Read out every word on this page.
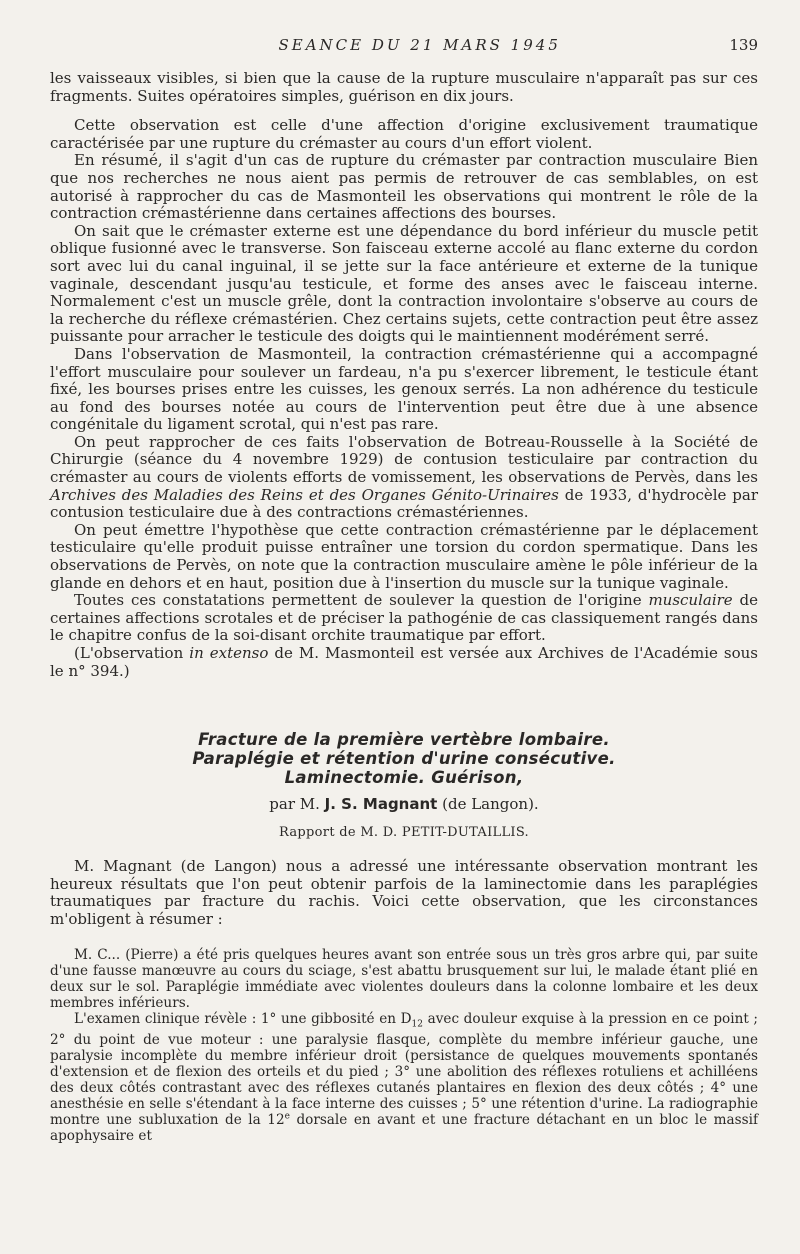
SEANCE DU 21 MARS 1945	139

les vaisseaux visibles, si bien que la cause de la rupture musculaire n'apparaît pas sur ces fragments. Suites opératoires simples, guérison en dix jours.

Cette observation est celle d'une affection d'origine exclusivement traumatique caractérisée par une rupture du crémaster au cours d'un effort violent.

En résumé, il s'agit d'un cas de rupture du crémaster par contraction musculaire Bien que nos recherches ne nous aient pas permis de retrouver de cas semblables, on est autorisé à rapprocher du cas de Masmonteil les observations qui montrent le rôle de la contraction crémastérienne dans certaines affections des bourses.

On sait que le crémaster externe est une dépendance du bord inférieur du muscle petit oblique fusionné avec le transverse. Son faisceau externe accolé au flanc externe du cordon sort avec lui du canal inguinal, il se jette sur la face antérieure et externe de la tunique vaginale, descendant jusqu'au testicule, et forme des anses avec le faisceau interne. Normalement c'est un muscle grêle, dont la contraction involontaire s'observe au cours de la recherche du réflexe crémastérien. Chez certains sujets, cette contraction peut être assez puissante pour arracher le testicule des doigts qui le maintiennent modérément serré.

Dans l'observation de Masmonteil, la contraction crémastérienne qui a accompagné l'effort musculaire pour soulever un fardeau, n'a pu s'exercer librement, le testicule étant fixé, les bourses prises entre les cuisses, les genoux serrés. La non adhérence du testicule au fond des bourses notée au cours de l'intervention peut être due à une absence congénitale du ligament scrotal, qui n'est pas rare.

On peut rapprocher de ces faits l'observation de Botreau-Rousselle à la Société de Chirurgie (séance du 4 novembre 1929) de contusion testiculaire par contraction du crémaster au cours de violents efforts de vomissement, les observations de Pervès, dans les Archives des Maladies des Reins et des Organes Génito-Urinaires de 1933, d'hydrocèle par contusion testiculaire due à des contractions crémastériennes.

On peut émettre l'hypothèse que cette contraction crémastérienne par le déplacement testiculaire qu'elle produit puisse entraîner une torsion du cordon spermatique. Dans les observations de Pervès, on note que la contraction musculaire amène le pôle inférieur de la glande en dehors et en haut, position due à l'insertion du muscle sur la tunique vaginale.

Toutes ces constatations permettent de soulever la question de l'origine musculaire de certaines affections scrotales et de préciser la pathogénie de cas classiquement rangés dans le chapitre confus de la soi-disant orchite traumatique par effort.

(L'observation in extenso de M. Masmonteil est versée aux Archives de l'Académie sous le n° 394.)

Fracture de la première vertèbre lombaire.
Paraplégie et rétention d'urine consécutive.
Laminectomie. Guérison,
par M. J. S. Magnant (de Langon).
Rapport de M. D. PETIT-DUTAILLIS.

M. Magnant (de Langon) nous a adressé une intéressante observation montrant les heureux résultats que l'on peut obtenir parfois de la laminectomie dans les paraplégies traumatiques par fracture du rachis. Voici cette observation, que les circonstances m'obligent à résumer :

M. C... (Pierre) a été pris quelques heures avant son entrée sous un très gros arbre qui, par suite d'une fausse manœuvre au cours du sciage, s'est abattu brusquement sur lui, le malade étant plié en deux sur le sol. Paraplégie immédiate avec violentes douleurs dans la colonne lombaire et les deux membres inférieurs.

L'examen clinique révèle : 1° une gibbosité en $D_{12}$ avec douleur exquise à la pression en ce point ; 2° du point de vue moteur : une paralysie flasque, complète du membre inférieur gauche, une paralysie incomplète du membre inférieur droit (persistance de quelques mouvements spontanés d'extension et de flexion des orteils et du pied ; 3° une abolition des réflexes rotuliens et achilléens des deux côtés contrastant avec des réflexes cutanés plantaires en flexion des deux côtés ; 4° une anesthésie en selle s'étendant à la face interne des cuisses ; 5° une rétention d'urine. La radiographie montre une subluxation de la 12e dorsale en avant et une fracture détachant en un bloc le massif apophysaire et
